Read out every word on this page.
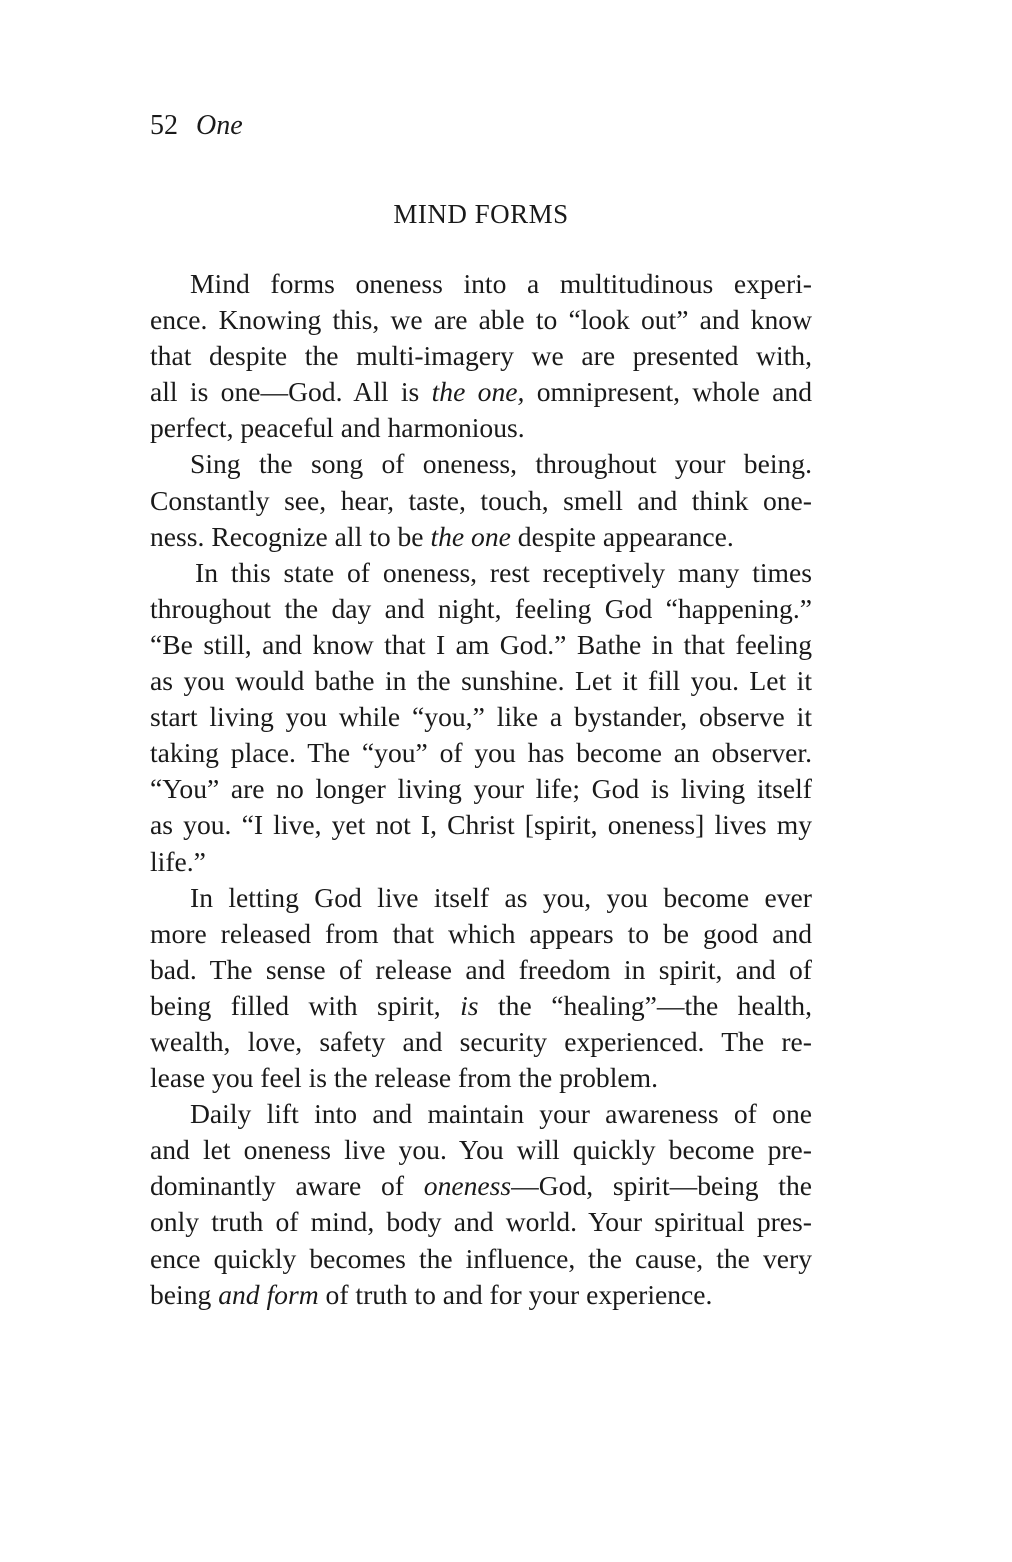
52 One
MIND FORMS
Mind forms oneness into a multitudinous experi-
ence. Knowing this, we are able to “look out” and know
that despite the multi-imagery we are presented with,
all is one—God. All is the one, omnipresent, whole and
perfect, peaceful and harmonious.
Sing the song of oneness, throughout your being.
Constantly see, hear, taste, touch, smell and think one-
ness. Recognize all to be the one despite appearance.
In this state of oneness, rest receptively many times
throughout the day and night, feeling God “happening.”
“Be still, and know that I am God.” Bathe in that feeling
as you would bathe in the sunshine. Let it fill you. Let it
start living you while “you,” like a bystander, observe it
taking place. The “you” of you has become an observer.
“You” are no longer living your life; God is living itself
as you. “I live, yet not I, Christ [spirit, oneness] lives my
life.”
In letting God live itself as you, you become ever
more released from that which appears to be good and
bad. The sense of release and freedom in spirit, and of
being filled with spirit, is the “healing”—the health,
wealth, love, safety and security experienced. The re-
lease you feel is the release from the problem.
Daily lift into and maintain your awareness of one
and let oneness live you. You will quickly become pre-
dominantly aware of oneness—God, spirit—being the
only truth of mind, body and world. Your spiritual pres-
ence quickly becomes the influence, the cause, the very
being and form of truth to and for your experience.
